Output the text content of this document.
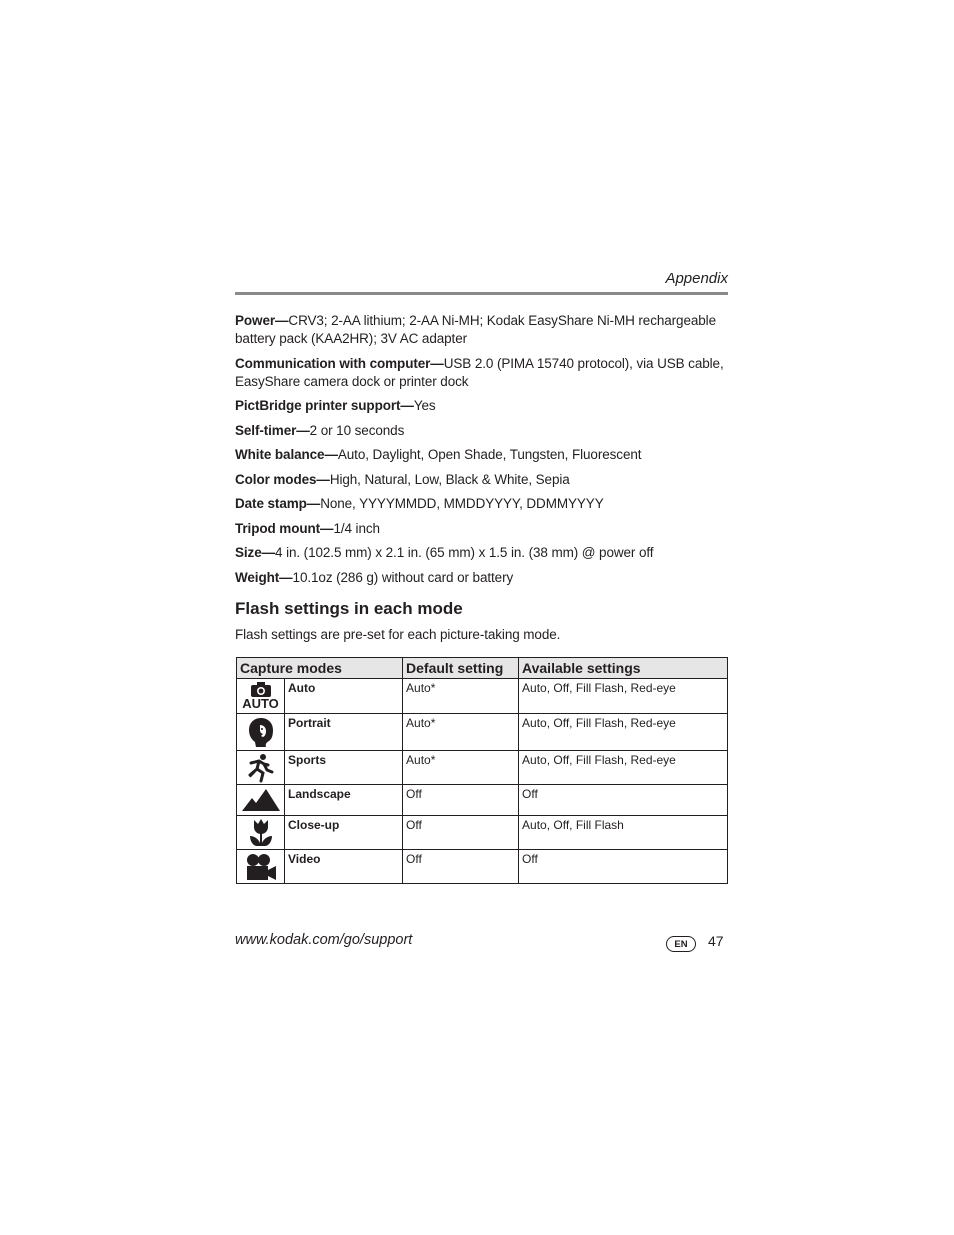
Appendix

Power—CRV3; 2-AA lithium; 2-AA Ni-MH; Kodak EasyShare Ni-MH rechargeable battery pack (KAA2HR); 3V AC adapter

Communication with computer—USB 2.0 (PIMA 15740 protocol), via USB cable, EasyShare camera dock or printer dock

PictBridge printer support—Yes

Self-timer—2 or 10 seconds

White balance—Auto, Daylight, Open Shade, Tungsten, Fluorescent

Color modes—High, Natural, Low, Black & White, Sepia

Date stamp—None, YYYYMMDD, MMDDYYYY, DDMMYYYY

Tripod mount—1/4 inch

Size—4 in. (102.5 mm) x 2.1 in. (65 mm) x 1.5 in. (38 mm) @ power off

Weight—10.1oz (286 g) without card or battery

Flash settings in each mode

Flash settings are pre-set for each picture-taking mode.

Capture modes		Default setting	Available settings

AUTO	Auto	Auto*	Auto, Off, Fill Flash, Red-eye

	Portrait	Auto*	Auto, Off, Fill Flash, Red-eye

	Sports	Auto*	Auto, Off, Fill Flash, Red-eye

	Landscape	Off	Off

	Close-up	Off	Auto, Off, Fill Flash

	Video	Off	Off
www.kodak.com/go/support	EN	47
